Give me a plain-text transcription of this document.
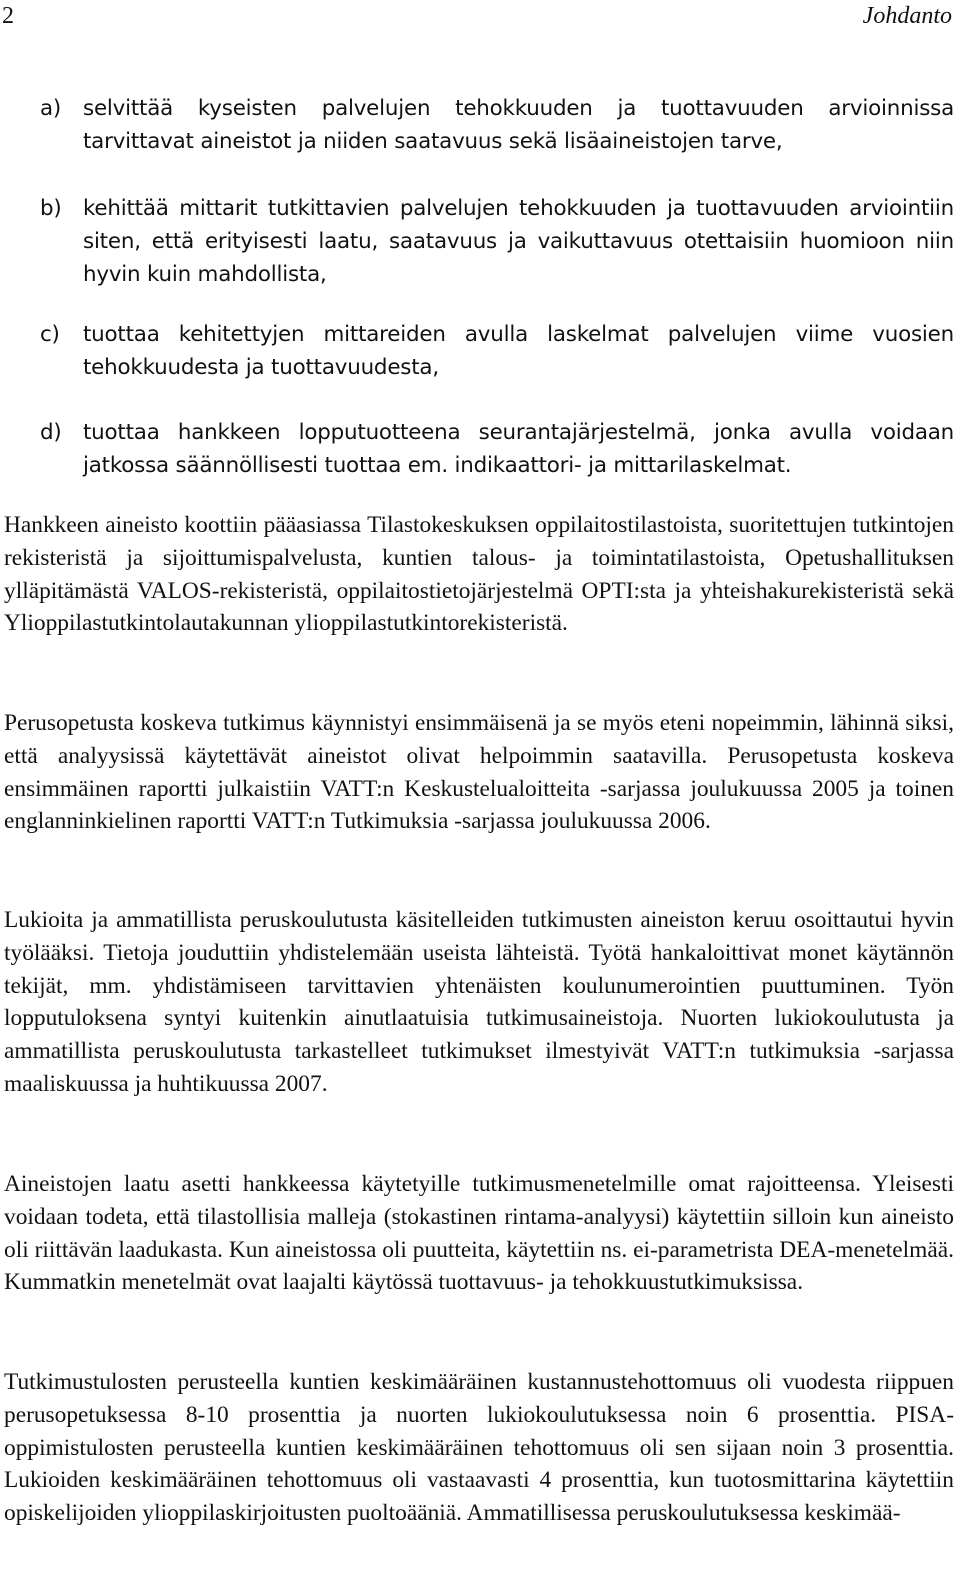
2	Johdanto
a) selvittää kyseisten palvelujen tehokkuuden ja tuottavuuden arvioinnissa tarvittavat aineistot ja niiden saatavuus sekä lisäaineistojen tarve,
b) kehittää mittarit tutkittavien palvelujen tehokkuuden ja tuottavuuden arviointiin siten, että erityisesti laatu, saatavuus ja vaikuttavuus otettaisiin huomioon niin hyvin kuin mahdollista,
c) tuottaa kehitettyjen mittareiden avulla laskelmat palvelujen viime vuosien tehokkuudesta ja tuottavuudesta,
d) tuottaa hankkeen lopputuotteena seurantajärjestelmä, jonka avulla voidaan jatkossa säännöllisesti tuottaa em. indikaattori- ja mittarilaskelmat.

Hankkeen aineisto koottiin pääasiassa Tilastokeskuksen oppilaitostilastoista, suoritettujen tutkintojen rekisteristä ja sijoittumispalvelusta, kuntien talous- ja toimintatilastoista, Opetushallituksen ylläpitämästä VALOS-rekisteristä, oppilaitostietojärjestelmä OPTI:sta ja yhteishakurekisteristä sekä Ylioppilastutkintolautakunnan ylioppilastutkintorekisteristä.

Perusopetusta koskeva tutkimus käynnistyi ensimmäisenä ja se myös eteni nopeimmin, lähinnä siksi, että analyysissä käytettävät aineistot olivat helpoimmin saatavilla. Perusopetusta koskeva ensimmäinen raportti julkaistiin VATT:n Keskustelualoitteita -sarjassa joulukuussa 2005 ja toinen englanninkielinen raportti VATT:n Tutkimuksia -sarjassa joulukuussa 2006.

Lukioita ja ammatillista peruskoulutusta käsitelleiden tutkimusten aineiston keruu osoittautui hyvin työlääksi. Tietoja jouduttiin yhdistelemään useista lähteistä. Työtä hankaloittivat monet käytännön tekijät, mm. yhdistämiseen tarvittavien yhtenäisten koulunumerointien puuttuminen. Työn lopputuloksena syntyi kuitenkin ainutlaatuisia tutkimusaineistoja. Nuorten lukiokoulutusta ja ammatillista peruskoulutusta tarkastelleet tutkimukset ilmestyivät VATT:n tutkimuksia -sarjassa maaliskuussa ja huhtikuussa 2007.

Aineistojen laatu asetti hankkeessa käytetyille tutkimusmenetelmille omat rajoitteensa. Yleisesti voidaan todeta, että tilastollisia malleja (stokastinen rintama-analyysi) käytettiin silloin kun aineisto oli riittävän laadukasta. Kun aineistossa oli puutteita, käytettiin ns. ei-parametrista DEA-menetelmää. Kummatkin menetelmät ovat laajalti käytössä tuottavuus- ja tehokkuustutkimuksissa.

Tutkimustulosten perusteella kuntien keskimääräinen kustannustehottomuus oli vuodesta riippuen perusopetuksessa 8-10 prosenttia ja nuorten lukiokoulutuksessa noin 6 prosenttia. PISA-oppimistulosten perusteella kuntien keskimääräinen tehottomuus oli sen sijaan noin 3 prosenttia. Lukioiden keskimääräinen tehottomuus oli vastaavasti 4 prosenttia, kun tuotosmittarina käytettiin opiskelijoiden ylioppilaskirjoitusten puoltoääniä. Ammatillisessa peruskoulutuksessa keskimää-
